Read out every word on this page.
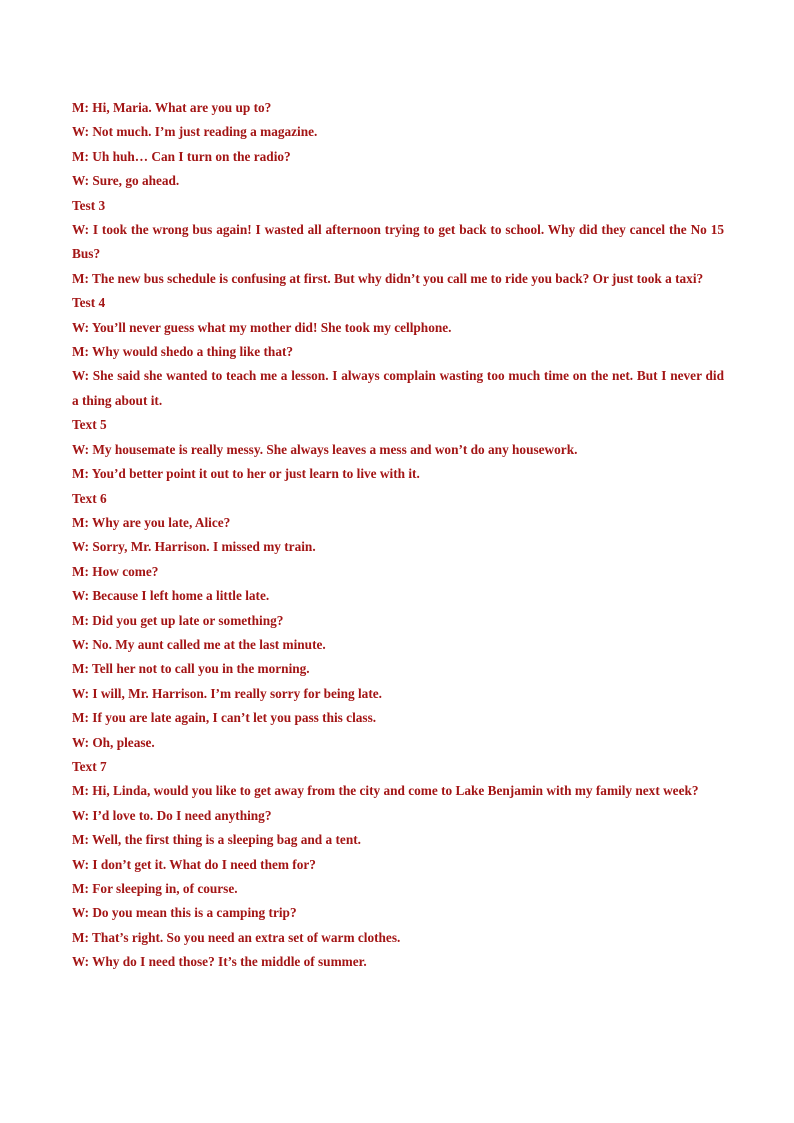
M: Hi, Maria. What are you up to?

W: Not much. I’m just reading a magazine.

M: Uh huh… Can I turn on the radio?

W: Sure, go ahead.

Test 3

W: I took the wrong bus again! I wasted all afternoon trying to get back to school. Why did they cancel the No 15 Bus?

M: The new bus schedule is confusing at first. But why didn’t you call me to ride you back? Or just took a taxi?

Test 4

W: You’ll never guess what my mother did! She took my cellphone.

M: Why would shedo a thing like that?

W: She said she wanted to teach me a lesson. I always complain wasting too much time on the net. But I never did a thing about it.

Text 5

W: My housemate is really messy. She always leaves a mess and won’t do any housework.

M: You’d better point it out to her or just learn to live with it.

Text 6

M: Why are you late, Alice?

W: Sorry, Mr. Harrison. I missed my train.

M: How come?

W: Because I left home a little late.

M: Did you get up late or something?

W: No. My aunt called me at the last minute.

M: Tell her not to call you in the morning.

W: I will, Mr. Harrison. I’m really sorry for being late.

M: If you are late again, I can’t let you pass this class.

W: Oh, please.

Text 7

M: Hi, Linda, would you like to get away from the city and come to Lake Benjamin with my family next week?

W: I’d love to. Do I need anything?

M: Well, the first thing is a sleeping bag and a tent.

W: I don’t get it. What do I need them for?

M: For sleeping in, of course.

W: Do you mean this is a camping trip?

M: That’s right. So you need an extra set of warm clothes.

W: Why do I need those? It’s the middle of summer.
